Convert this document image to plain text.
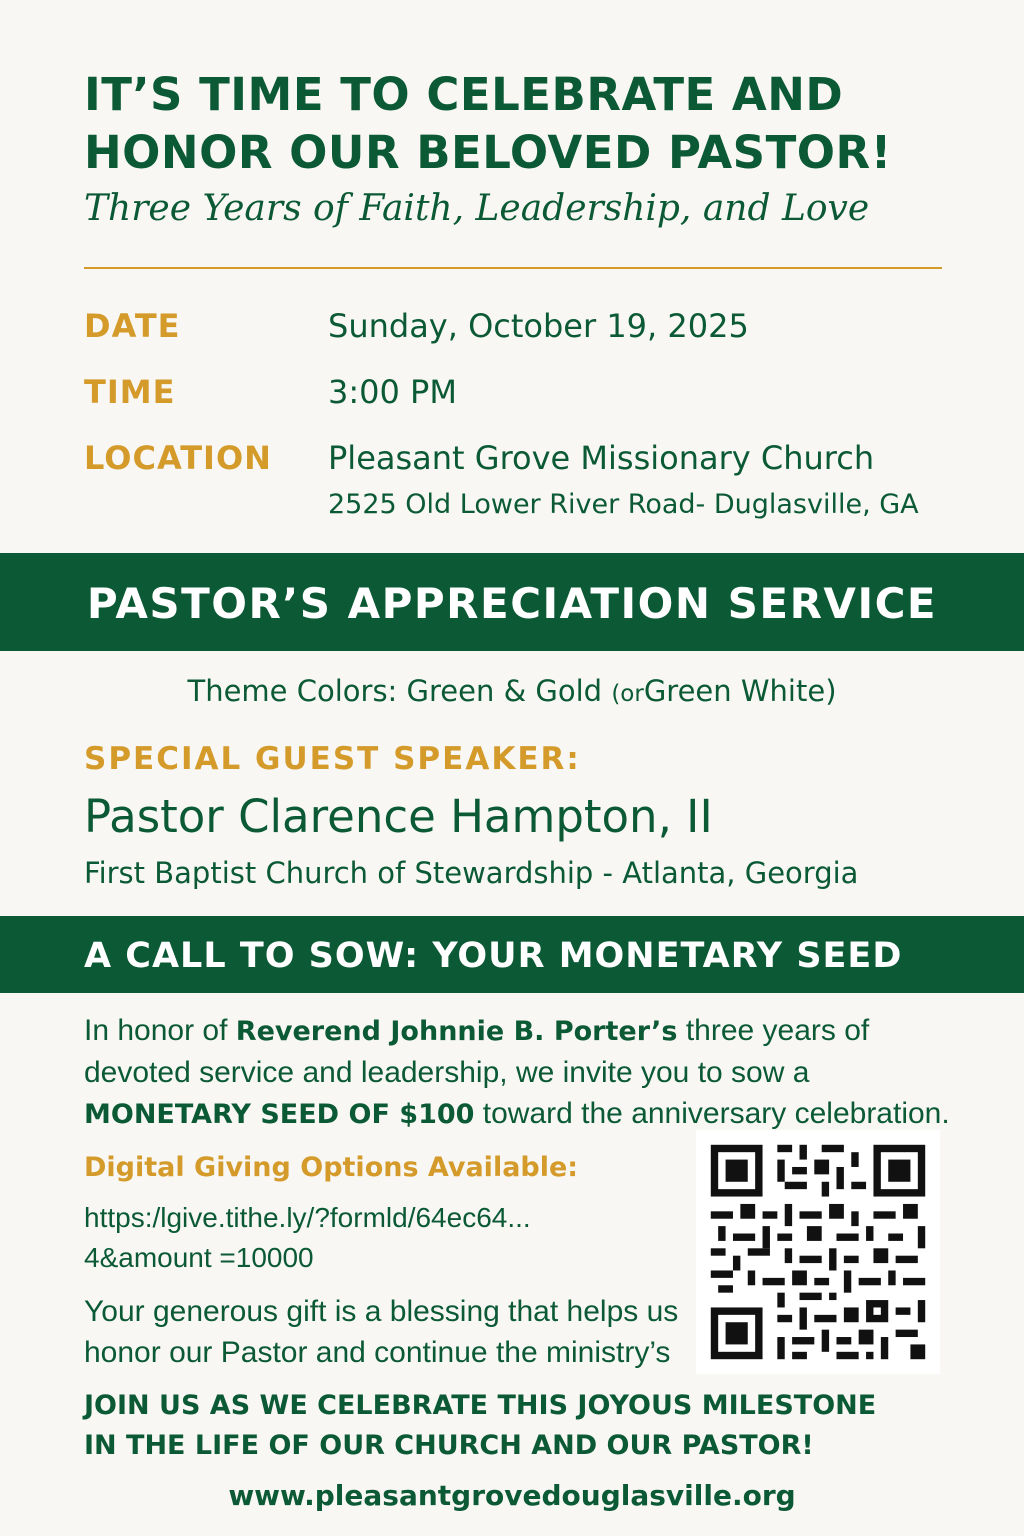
IT’S TIME TO CELEBRATE AND
HONOR OUR BELOVED PASTOR!
Three Years of Faith, Leadership, and Love
DATE	Sunday, October 19, 2025
TIME	3:00 PM
LOCATION Pleasant Grove Missionary Church
2525 Old Lower River Road- Duglasville, GA
PASTOR’S APPRECIATION SERVICE
Theme Colors: Green & Gold (orGreen White)
SPECIAL GUEST SPEAKER:
Pastor Clarence Hampton, II
First Baptist Church of Stewardship - Atlanta, Georgia
A CALL TO SOW: YOUR MONETARY SEED
In honor of Reverend Johnnie B. Porter’s three years of devoted service and leadership, we invite you to sow a MONETARY SEED OF $100 toward the anniversary celebration.
Digital Giving Options Available:
https:/lgive.tithe.ly/?formld/64ec64...
4&amount =10000
Your generous gift is a blessing that helps us honor our Pastor and continue the ministry’s
JOIN US AS WE CELEBRATE THIS JOYOUS MILESTONE
IN THE LIFE OF OUR CHURCH AND OUR PASTOR!
www.pleasantgrovedouglasville.org
